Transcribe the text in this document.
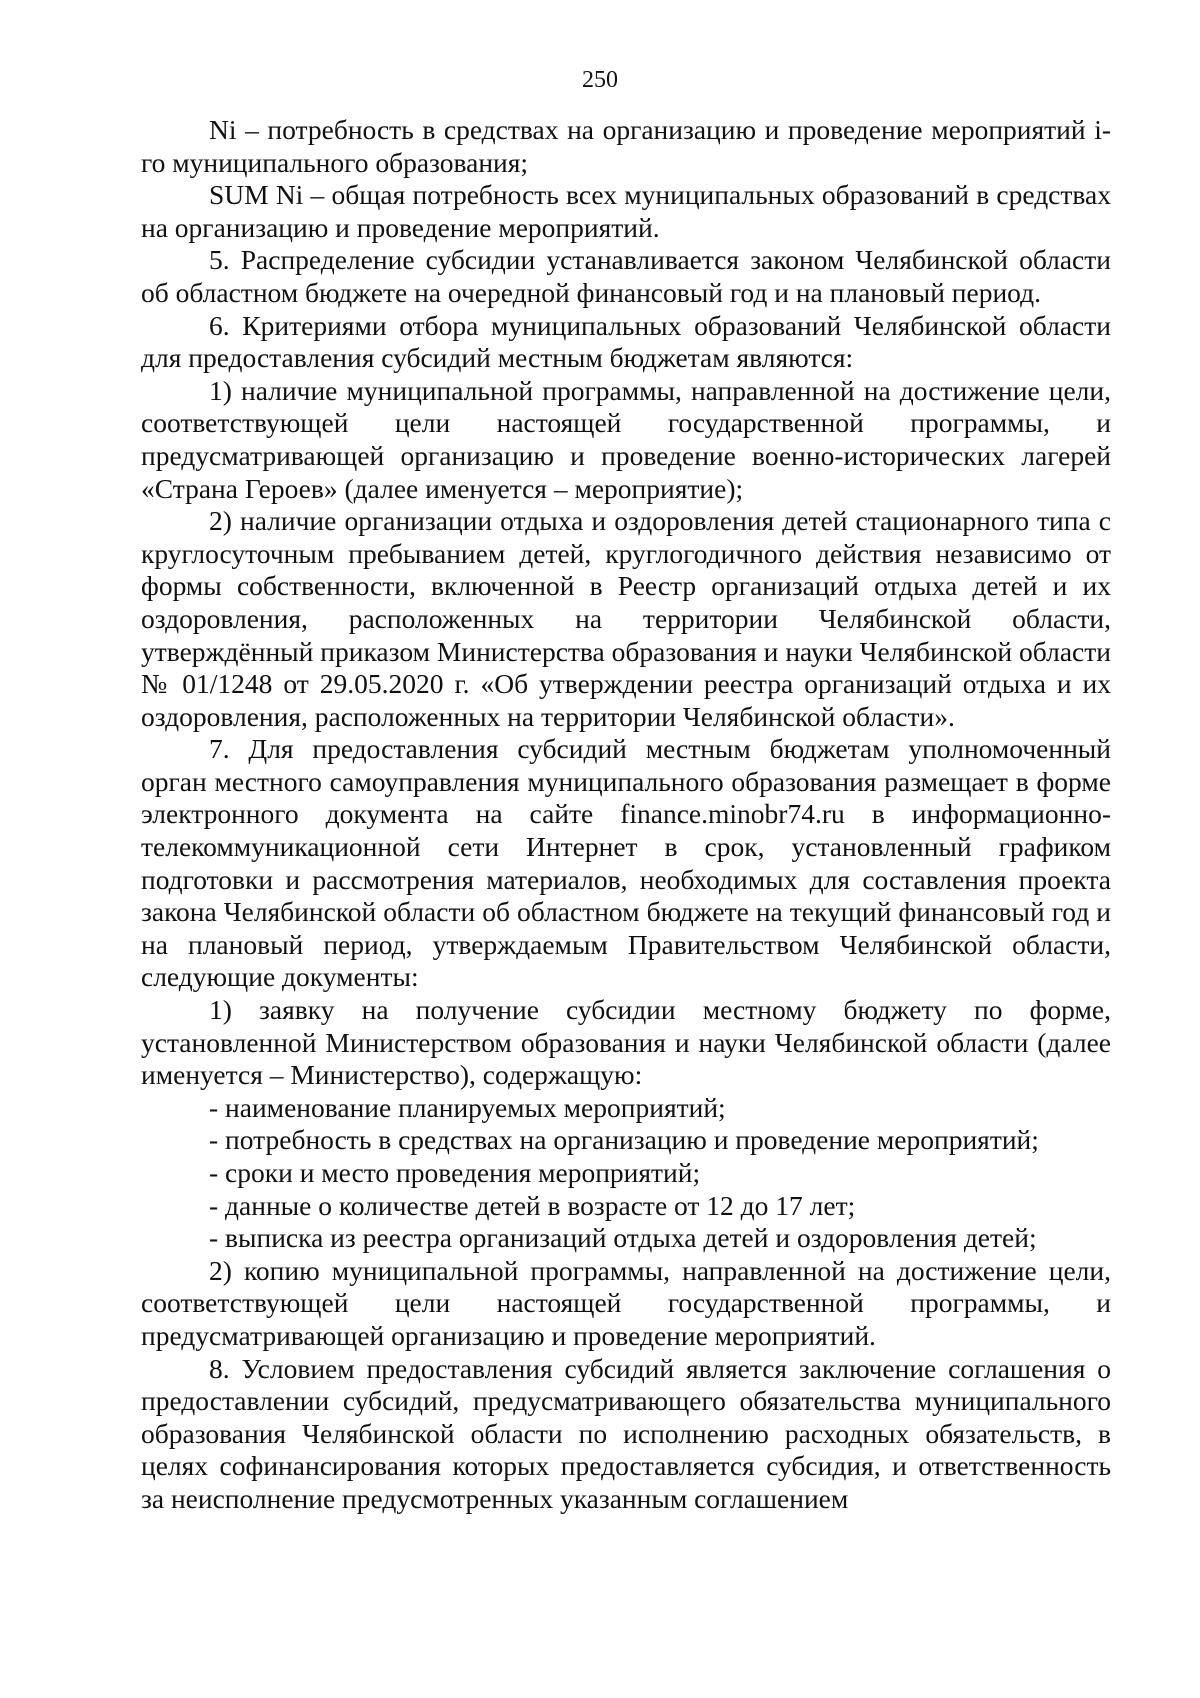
250

Ni – потребность в средствах на организацию и проведение мероприятий i-го муниципального образования;

SUM Ni – общая потребность всех муниципальных образований в средствах на организацию и проведение мероприятий.

5. Распределение субсидии устанавливается законом Челябинской области об областном бюджете на очередной финансовый год и на плановый период.

6. Критериями отбора муниципальных образований Челябинской области для предоставления субсидий местным бюджетам являются:

1) наличие муниципальной программы, направленной на достижение цели, соответствующей цели настоящей государственной программы, и предусматривающей организацию и проведение военно-исторических лагерей «Страна Героев» (далее именуется – мероприятие);

2) наличие организации отдыха и оздоровления детей стационарного типа с круглосуточным пребыванием детей, круглогодичного действия независимо от формы собственности, включенной в Реестр организаций отдыха детей и их оздоровления, расположенных на территории Челябинской области, утверждённый приказом Министерства образования и науки Челябинской области № 01/1248 от 29.05.2020 г. «Об утверждении реестра организаций отдыха и их оздоровления, расположенных на территории Челябинской области».

7. Для предоставления субсидий местным бюджетам уполномоченный орган местного самоуправления муниципального образования размещает в форме электронного документа на сайте finance.minobr74.ru в информационно-телекоммуникационной сети Интернет в срок, установленный графиком подготовки и рассмотрения материалов, необходимых для составления проекта закона Челябинской области об областном бюджете на текущий финансовый год и на плановый период, утверждаемым Правительством Челябинской области, следующие документы:

1) заявку на получение субсидии местному бюджету по форме, установленной Министерством образования и науки Челябинской области (далее именуется – Министерство), содержащую:

- наименование планируемых мероприятий;

- потребность в средствах на организацию и проведение мероприятий;

- сроки и место проведения мероприятий;

- данные о количестве детей в возрасте от 12 до 17 лет;

- выписка из реестра организаций отдыха детей и оздоровления детей;

2) копию муниципальной программы, направленной на достижение цели, соответствующей цели настоящей государственной программы, и предусматривающей организацию и проведение мероприятий.

8. Условием предоставления субсидий является заключение соглашения о предоставлении субсидий, предусматривающего обязательства муниципального образования Челябинской области по исполнению расходных обязательств, в целях софинансирования которых предоставляется субсидия, и ответственность за неисполнение предусмотренных указанным соглашением
